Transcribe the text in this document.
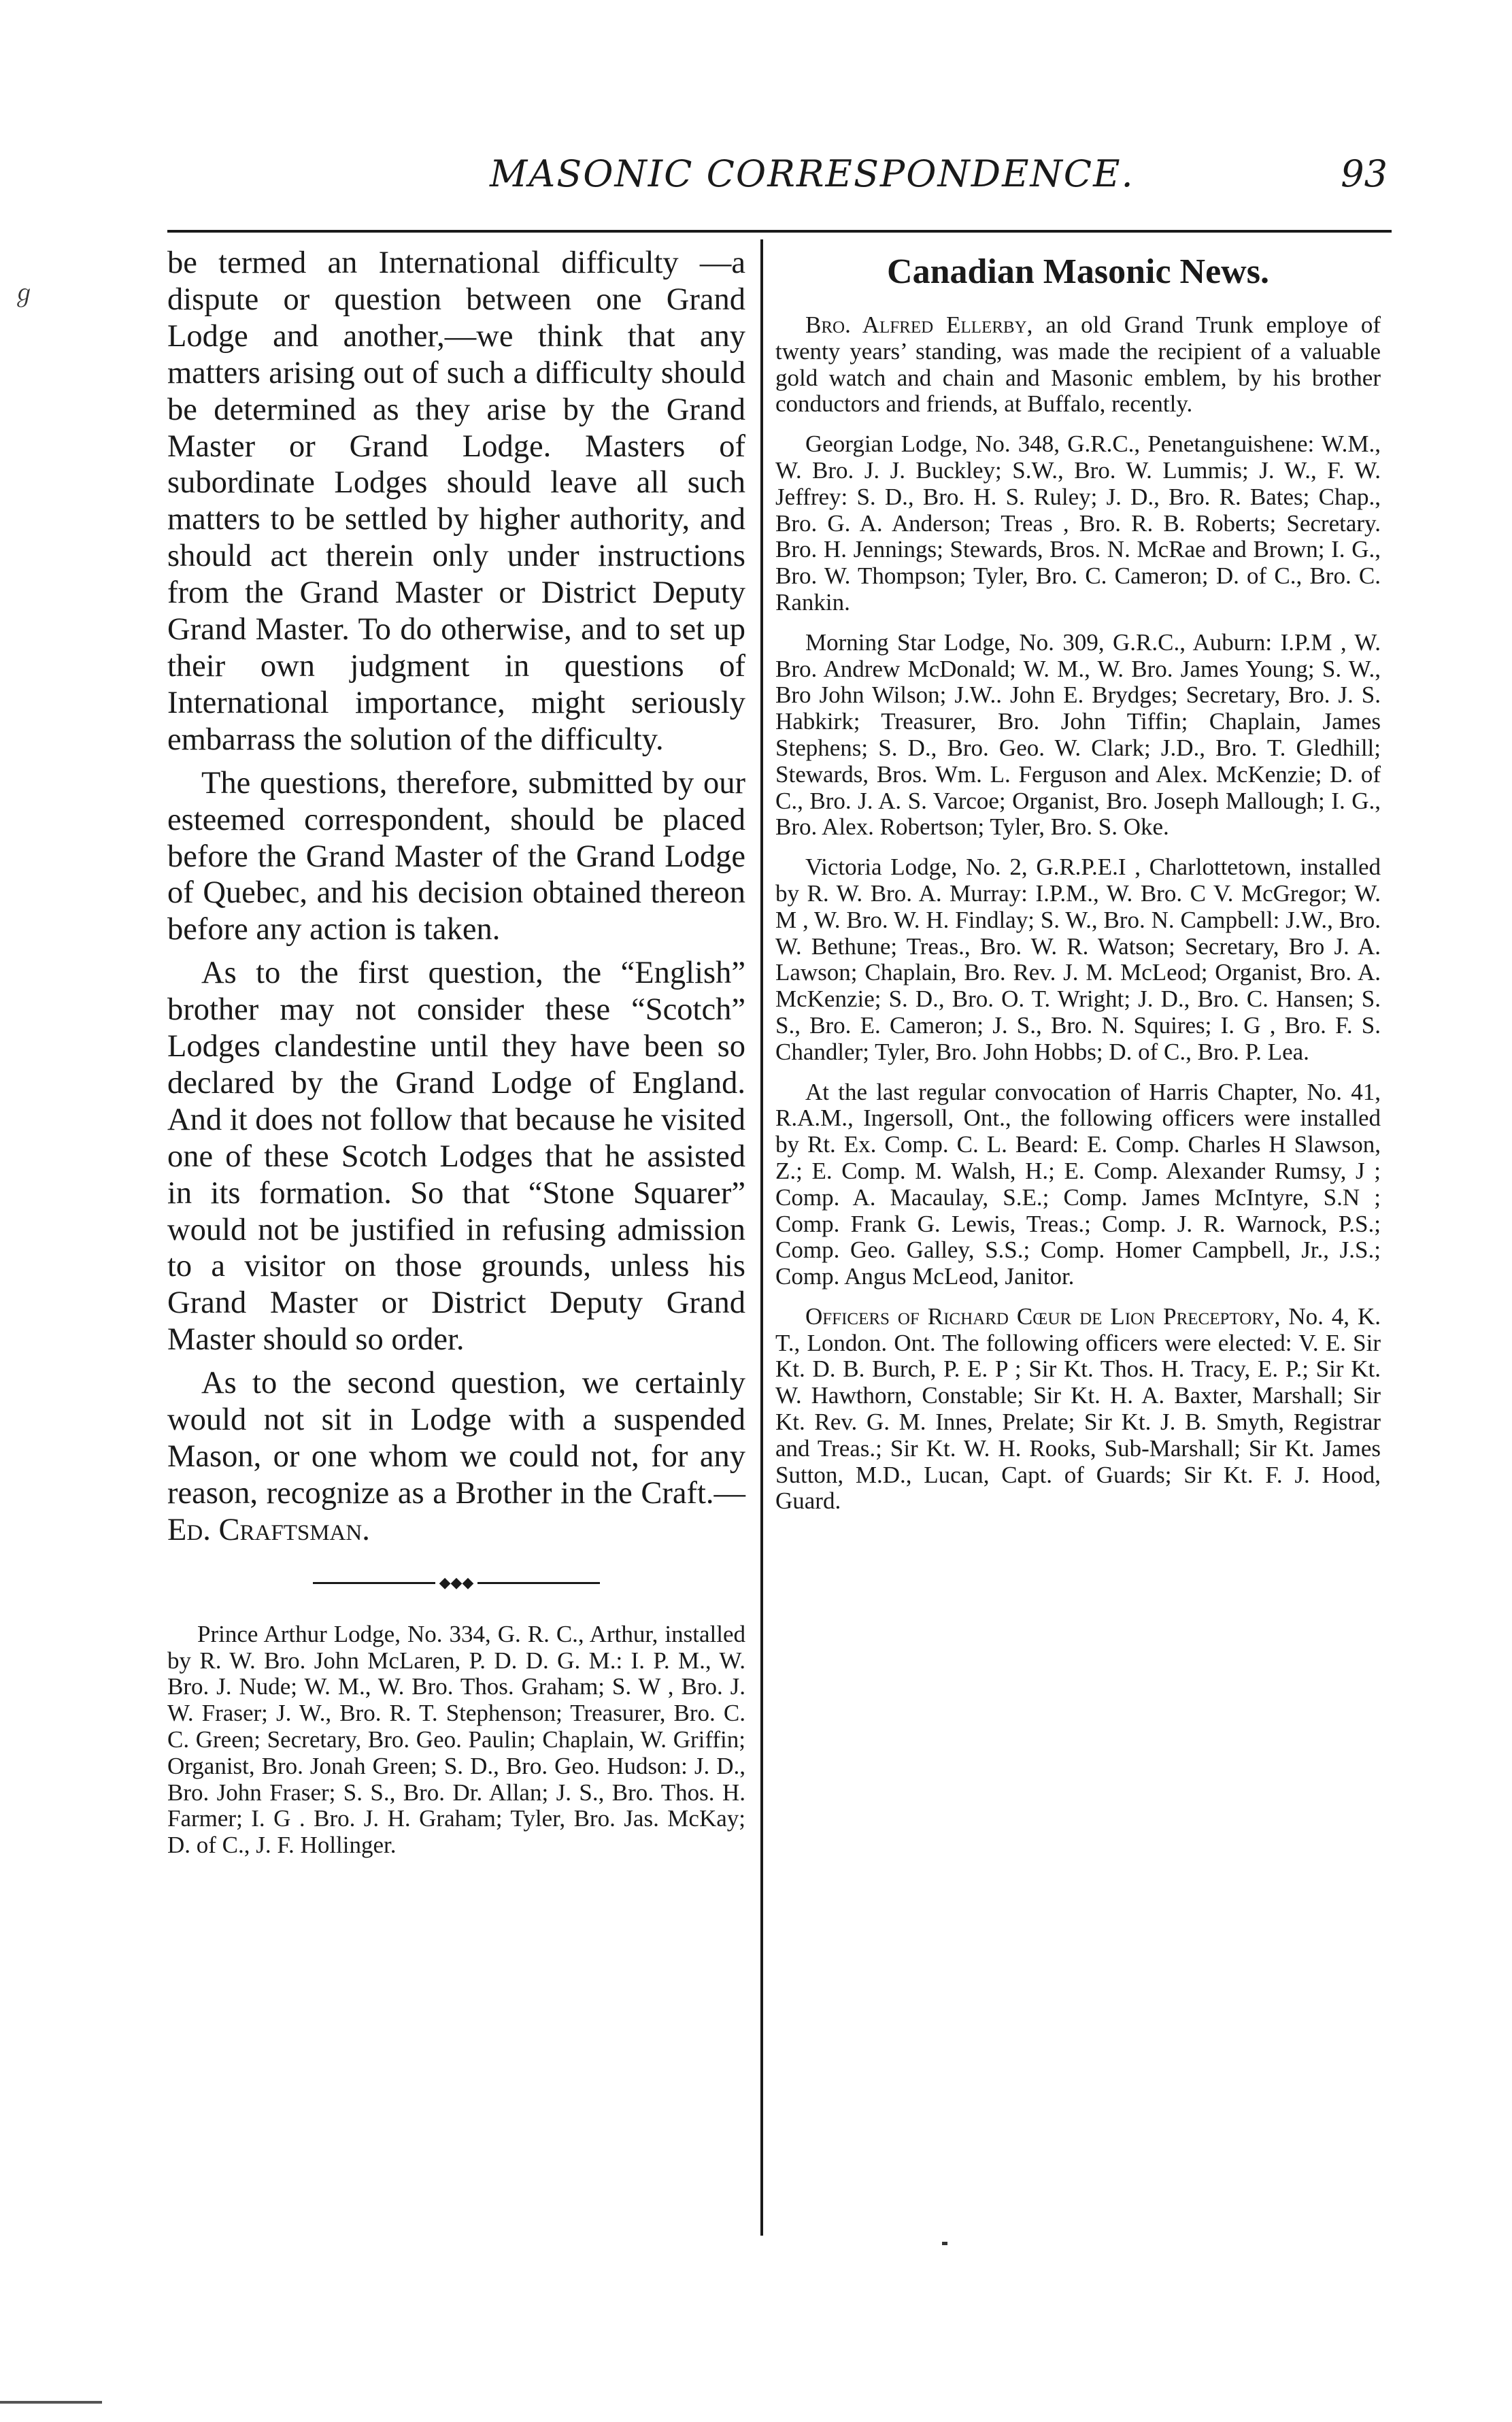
ℊ
MASONIC CORRESPONDENCE.	93

be termed an International difficulty —a dispute or question between one Grand Lodge and another,—we think that any matters arising out of such a difficulty should be determined as they arise by the Grand Master or Grand Lodge. Masters of subordinate Lodges should leave all such matters to be settled by higher authority, and should act therein only under instructions from the Grand Master or District Deputy Grand Master. To do otherwise, and to set up their own judgment in questions of International importance, might seriously embarrass the solution of the difficulty.

The questions, therefore, submitted by our esteemed correspondent, should be placed before the Grand Master of the Grand Lodge of Quebec, and his decision obtained thereon before any action is taken.

As to the first question, the “English” brother may not consider these “Scotch” Lodges clandestine until they have been so declared by the Grand Lodge of England. And it does not follow that because he visited one of these Scotch Lodges that he assisted in its formation. So that “Stone Squarer” would not be justified in refusing admission to a visitor on those grounds, unless his Grand Master or District Deputy Grand Master should so order.

As to the second question, we certainly would not sit in Lodge with a suspended Mason, or one whom we could not, for any reason, recognize as a Brother in the Craft.—Ed. Craftsman.

◆◆◆

Prince Arthur Lodge, No. 334, G. R. C., Arthur, installed by R. W. Bro. John McLaren, P. D. D. G. M.: I. P. M., W. Bro. J. Nude; W. M., W. Bro. Thos. Graham; S. W , Bro. J. W. Fraser; J. W., Bro. R. T. Stephenson; Treasurer, Bro. C. C. Green; Secretary, Bro. Geo. Paulin; Chaplain, W. Griffin; Organist, Bro. Jonah Green; S. D., Bro. Geo. Hudson: J. D., Bro. John Fraser; S. S., Bro. Dr. Allan; J. S., Bro. Thos. H. Farmer; I. G . Bro. J. H. Graham; Tyler, Bro. Jas. McKay; D. of C., J. F. Hollinger.

Canadian Masonic News.

Bro. Alfred Ellerby, an old Grand Trunk employe of twenty years’ standing, was made the recipient of a valuable gold watch and chain and Masonic emblem, by his brother conductors and friends, at Buffalo, recently.

Georgian Lodge, No. 348, G.R.C., Penetanguishene: W.M., W. Bro. J. J. Buckley; S.W., Bro. W. Lummis; J. W., F. W. Jeffrey: S. D., Bro. H. S. Ruley; J. D., Bro. R. Bates; Chap., Bro. G. A. Anderson; Treas , Bro. R. B. Roberts; Secretary. Bro. H. Jennings; Stewards, Bros. N. McRae and Brown; I. G., Bro. W. Thompson; Tyler, Bro. C. Cameron; D. of C., Bro. C. Rankin.

Morning Star Lodge, No. 309, G.R.C., Auburn: I.P.M , W. Bro. Andrew McDonald; W. M., W. Bro. James Young; S. W., Bro John Wilson; J.W.. John E. Brydges; Secretary, Bro. J. S. Habkirk; Treasurer, Bro. John Tiffin; Chaplain, James Stephens; S. D., Bro. Geo. W. Clark; J.D., Bro. T. Gledhill; Stewards, Bros. Wm. L. Ferguson and Alex. McKenzie; D. of C., Bro. J. A. S. Varcoe; Organist, Bro. Joseph Mallough; I. G., Bro. Alex. Robertson; Tyler, Bro. S. Oke.

Victoria Lodge, No. 2, G.R.P.E.I , Charlottetown, installed by R. W. Bro. A. Murray: I.P.M., W. Bro. C V. McGregor; W. M , W. Bro. W. H. Findlay; S. W., Bro. N. Campbell: J.W., Bro. W. Bethune; Treas., Bro. W. R. Watson; Secretary, Bro J. A. Lawson; Chaplain, Bro. Rev. J. M. McLeod; Organist, Bro. A. McKenzie; S. D., Bro. O. T. Wright; J. D., Bro. C. Hansen; S. S., Bro. E. Cameron; J. S., Bro. N. Squires; I. G , Bro. F. S. Chandler; Tyler, Bro. John Hobbs; D. of C., Bro. P. Lea.

At the last regular convocation of Harris Chapter, No. 41, R.A.M., Ingersoll, Ont., the following officers were installed by Rt. Ex. Comp. C. L. Beard: E. Comp. Charles H Slawson, Z.; E. Comp. M. Walsh, H.; E. Comp. Alexander Rumsy, J ; Comp. A. Macaulay, S.E.; Comp. James McIntyre, S.N ; Comp. Frank G. Lewis, Treas.; Comp. J. R. Warnock, P.S.; Comp. Geo. Galley, S.S.; Comp. Homer Campbell, Jr., J.S.; Comp. Angus McLeod, Janitor.

Officers of Richard Cœur de Lion Preceptory, No. 4, K. T., London. Ont. The following officers were elected: V. E. Sir Kt. D. B. Burch, P. E. P ; Sir Kt. Thos. H. Tracy, E. P.; Sir Kt. W. Hawthorn, Constable; Sir Kt. H. A. Baxter, Marshall; Sir Kt. Rev. G. M. Innes, Prelate; Sir Kt. J. B. Smyth, Registrar and Treas.; Sir Kt. W. H. Rooks, Sub-Marshall; Sir Kt. James Sutton, M.D., Lucan, Capt. of Guards; Sir Kt. F. J. Hood, Guard.
